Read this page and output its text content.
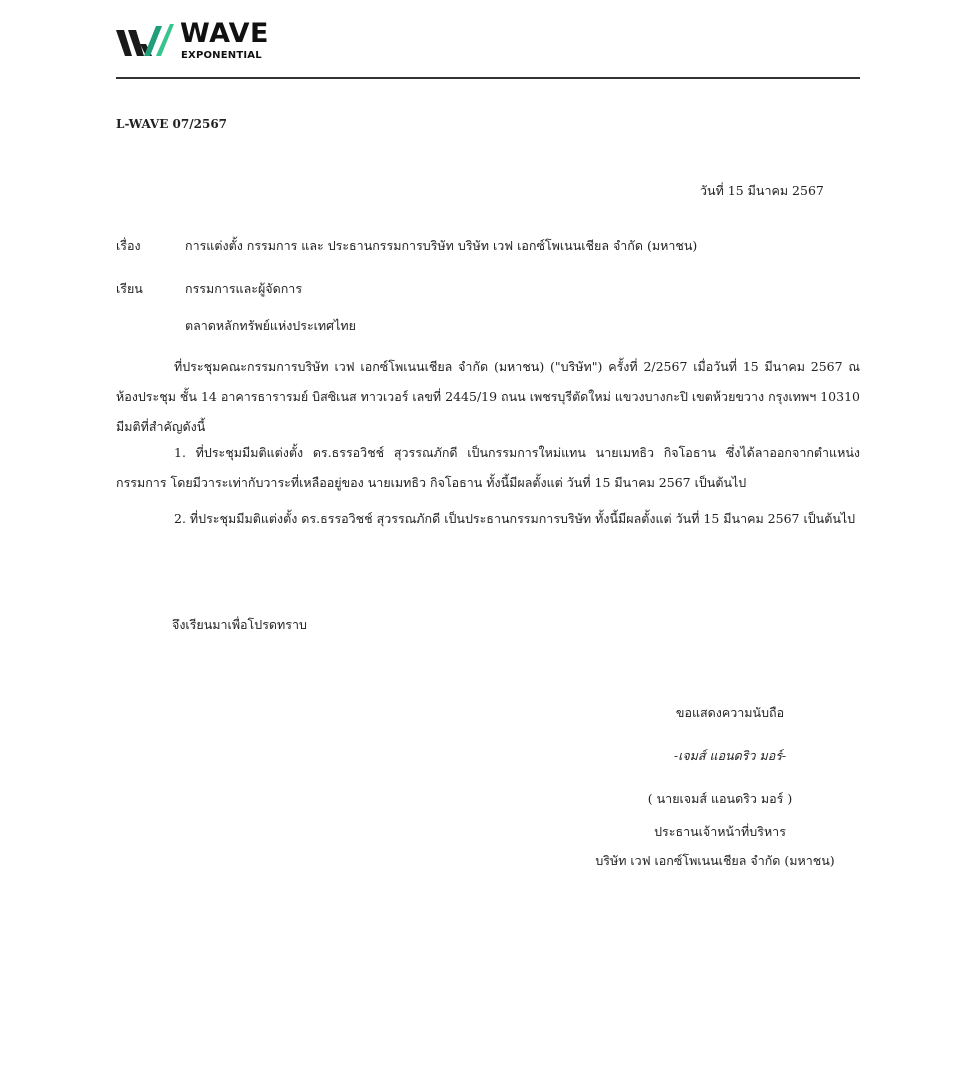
WAVE
EXPONENTIAL
L-WAVE 07/2567
วันที่ 15 มีนาคม 2567
เรื่อง	การแต่งตั้ง กรรมการ และ ประธานกรรมการบริษัท บริษัท เวฟ เอกซ์โพเนนเชียล จำกัด (มหาชน)
เรียน	กรรมการและผู้จัดการ
ตลาดหลักทรัพย์แห่งประเทศไทย
ที่ประชุมคณะกรรมการบริษัท เวฟ เอกซ์โพเนนเชียล จำกัด (มหาชน) ("บริษัท") ครั้งที่ 2/2567 เมื่อวันที่ 15 มีนาคม 2567 ณ ห้องประชุม ชั้น 14 อาคารธารารมย์ บิสซิเนส ทาวเวอร์ เลขที่ 2445/19 ถนน เพชรบุรีตัดใหม่ แขวงบางกะปิ เขตห้วยขวาง กรุงเทพฯ 10310 มีมติที่สำคัญดังนี้
1. ที่ประชุมมีมติแต่งตั้ง ดร.ธรรอวิชช์ สุวรรณภักดี เป็นกรรมการใหม่แทน นายเมทธิว กิจโอธาน ซึ่งได้ลาออกจากตำแหน่งกรรมการ โดยมีวาระเท่ากับวาระที่เหลืออยู่ของ นายเมทธิว กิจโอธาน ทั้งนี้มีผลตั้งแต่ วันที่ 15 มีนาคม 2567 เป็นต้นไป
2. ที่ประชุมมีมติแต่งตั้ง ดร.ธรรอวิชช์ สุวรรณภักดี เป็นประธานกรรมการบริษัท ทั้งนี้มีผลตั้งแต่ วันที่ 15 มีนาคม 2567 เป็นต้นไป
จึงเรียนมาเพื่อโปรดทราบ
ขอแสดงความนับถือ
-เจมส์ แอนดริว มอร์-
( นายเจมส์ แอนดริว มอร์ )
ประธานเจ้าหน้าที่บริหาร
บริษัท เวฟ เอกซ์โพเนนเชียล จำกัด (มหาชน)
